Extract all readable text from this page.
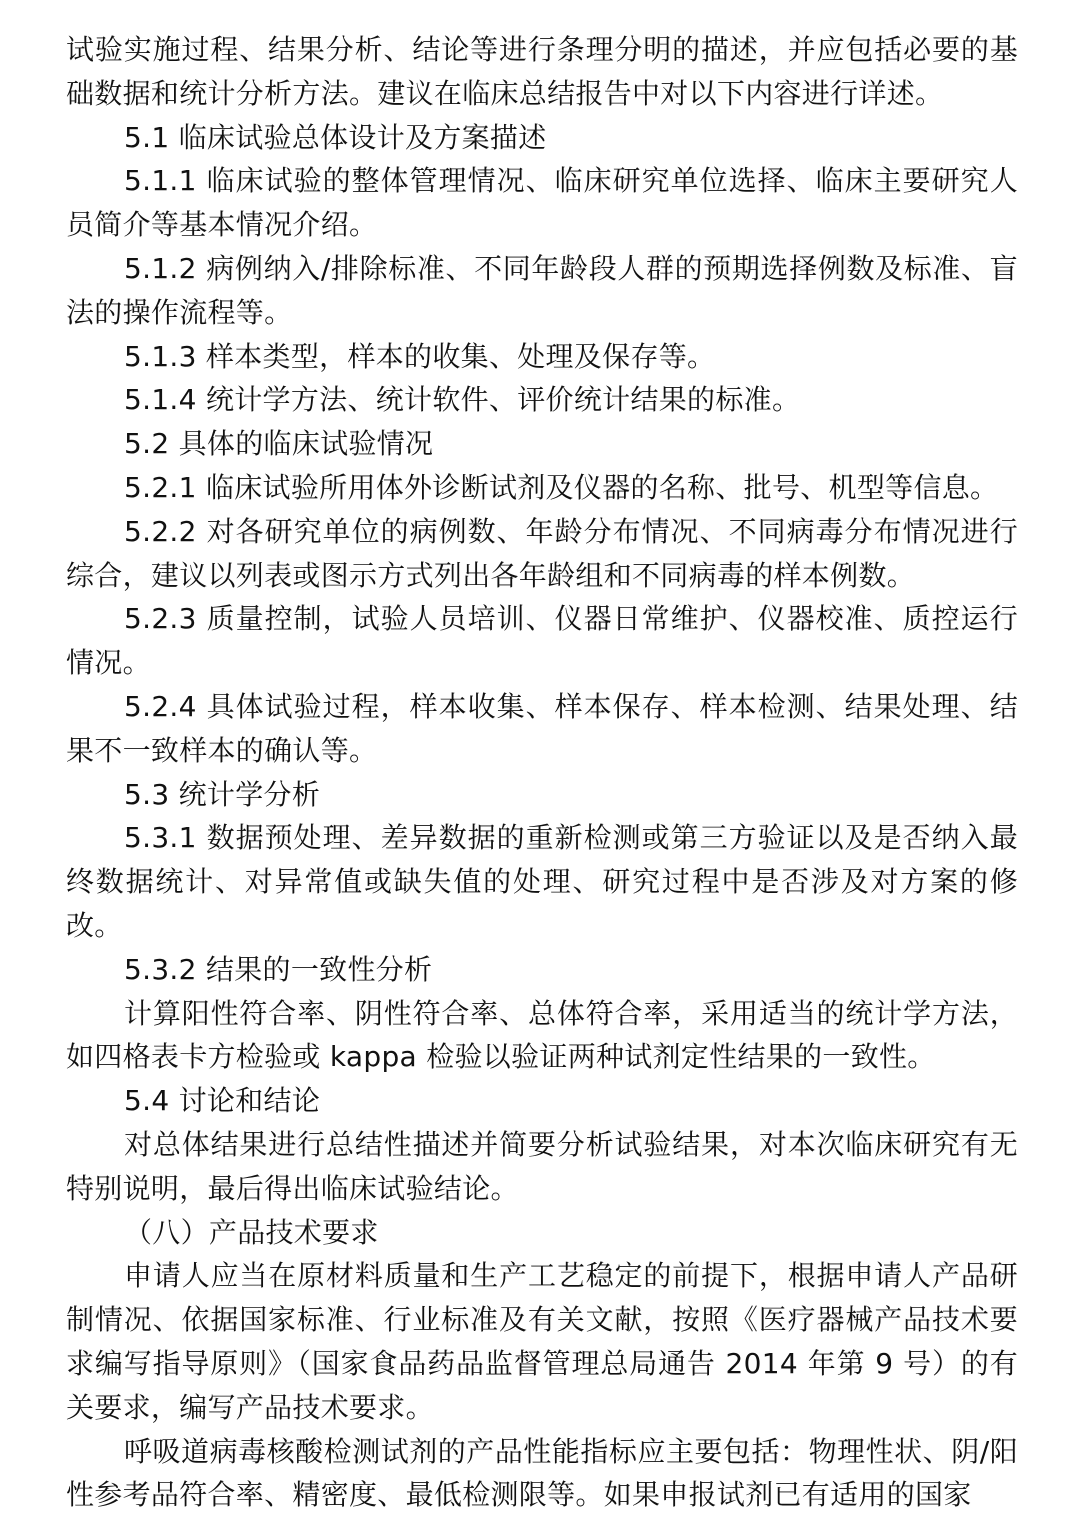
试验实施过程、结果分析、结论等进行条理分明的描述，并应包括必要的基础数据和统计分析方法。建议在临床总结报告中对以下内容进行详述。

5.1 临床试验总体设计及方案描述

5.1.1 临床试验的整体管理情况、临床研究单位选择、临床主要研究人员简介等基本情况介绍。

5.1.2 病例纳入/排除标准、不同年龄段人群的预期选择例数及标准、盲法的操作流程等。

5.1.3 样本类型，样本的收集、处理及保存等。

5.1.4 统计学方法、统计软件、评价统计结果的标准。

5.2 具体的临床试验情况

5.2.1 临床试验所用体外诊断试剂及仪器的名称、批号、机型等信息。

5.2.2 对各研究单位的病例数、年龄分布情况、不同病毒分布情况进行综合，建议以列表或图示方式列出各年龄组和不同病毒的样本例数。

5.2.3 质量控制，试验人员培训、仪器日常维护、仪器校准、质控运行情况。

5.2.4 具体试验过程，样本收集、样本保存、样本检测、结果处理、结果不一致样本的确认等。

5.3 统计学分析

5.3.1 数据预处理、差异数据的重新检测或第三方验证以及是否纳入最终数据统计、对异常值或缺失值的处理、研究过程中是否涉及对方案的修改。

5.3.2 结果的一致性分析

计算阳性符合率、阴性符合率、总体符合率，采用适当的统计学方法，如四格表卡方检验或 kappa 检验以验证两种试剂定性结果的一致性。

5.4 讨论和结论

对总体结果进行总结性描述并简要分析试验结果，对本次临床研究有无特别说明，最后得出临床试验结论。

（八）产品技术要求

申请人应当在原材料质量和生产工艺稳定的前提下，根据申请人产品研制情况、依据国家标准、行业标准及有关文献，按照《医疗器械产品技术要求编写指导原则》（国家食品药品监督管理总局通告 2014 年第 9 号）的有关要求，编写产品技术要求。

呼吸道病毒核酸检测试剂的产品性能指标应主要包括：物理性状、阴/阳性参考品符合率、精密度、最低检测限等。如果申报试剂已有适用的国家
